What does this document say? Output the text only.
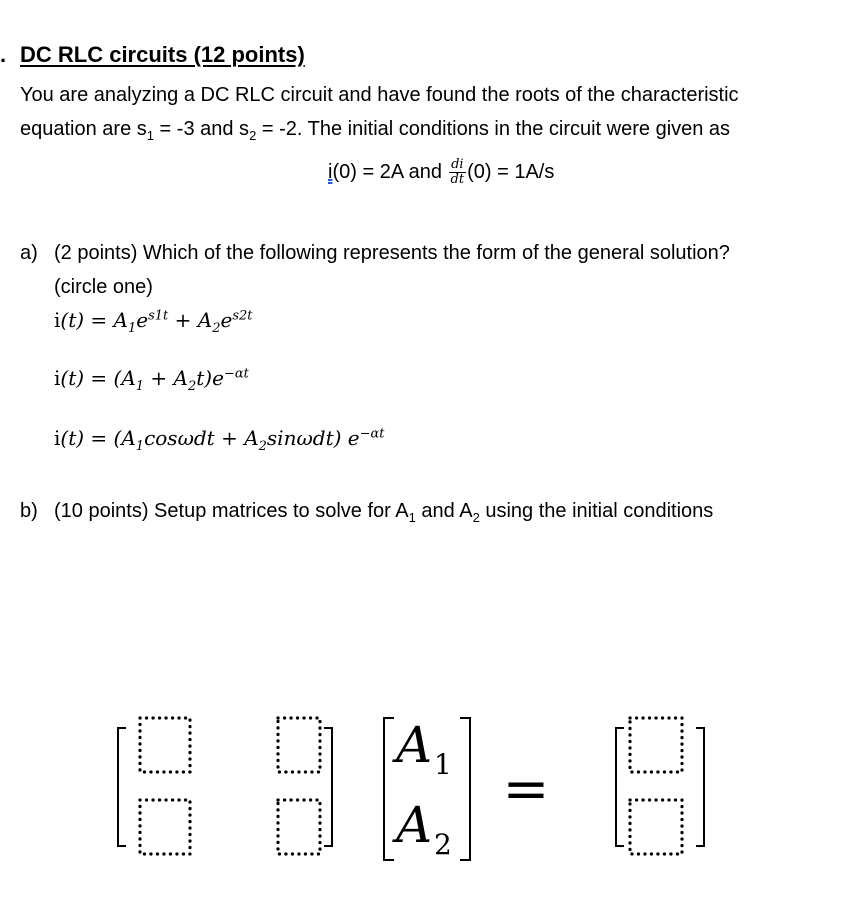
. DC RLC circuits (12 points)
You are analyzing a DC RLC circuit and have found the roots of the characteristic
equation are $s_1 = -3$ and $s_2 = -2$. The initial conditions in the circuit were given as
i(0) = 2A and $\frac{di}{dt} (0) = 1A/s$
a) (2 points) Which of the following represents the form of the general solution?
(circle one)
$i(t) = A_1e^{s1t} + A_2e^{s2t}$
$i(t) = (A_1 + A_2t)e^{-\alpha t}$
$i(t) = (A_1\cos\omega dt + A_2\sin\omega dt)$ $e^{-\alpha t}$
b) (10 points) Setup matrices to solve for $A_1$ and $A_2$ using the initial conditions
A 1
A 2
=
